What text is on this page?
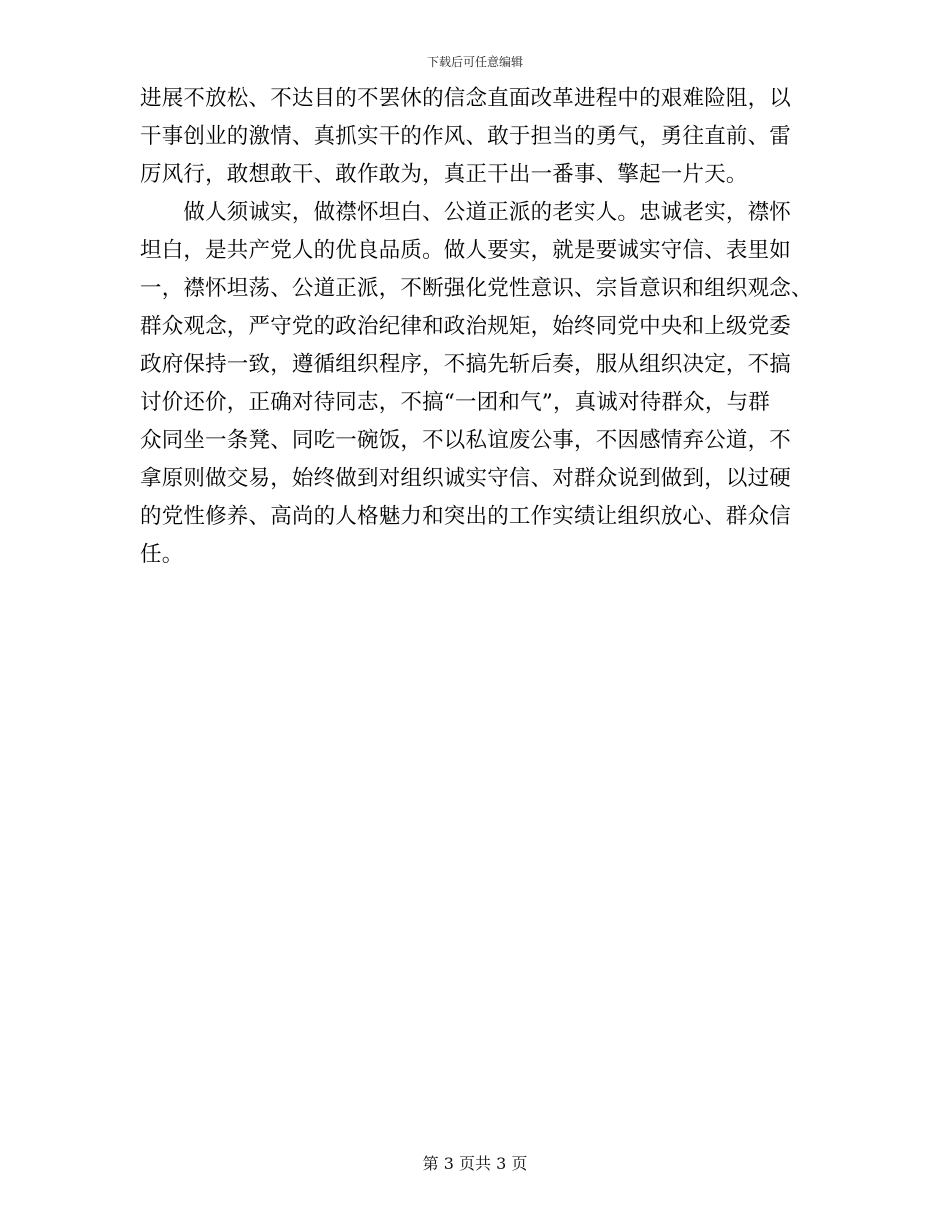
下载后可任意编辑
进展不放松、不达目的不罢休的信念直面改革进程中的艰难险阻，以
干事创业的激情、真抓实干的作风、敢于担当的勇气，勇往直前、雷
厉风行，敢想敢干、敢作敢为，真正干出一番事、擎起一片天。
　　做人须诚实，做襟怀坦白、公道正派的老实人。忠诚老实，襟怀
坦白，是共产党人的优良品质。做人要实，就是要诚实守信、表里如
一，襟怀坦荡、公道正派，不断强化党性意识、宗旨意识和组织观念、
群众观念，严守党的政治纪律和政治规矩，始终同党中央和上级党委
政府保持一致，遵循组织程序，不搞先斩后奏，服从组织决定，不搞
讨价还价，正确对待同志，不搞“一团和气”，真诚对待群众，与群
众同坐一条凳、同吃一碗饭，不以私谊废公事，不因感情弃公道，不
拿原则做交易，始终做到对组织诚实守信、对群众说到做到，以过硬
的党性修养、高尚的人格魅力和突出的工作实绩让组织放心、群众信
任。
第 3 页共 3 页
